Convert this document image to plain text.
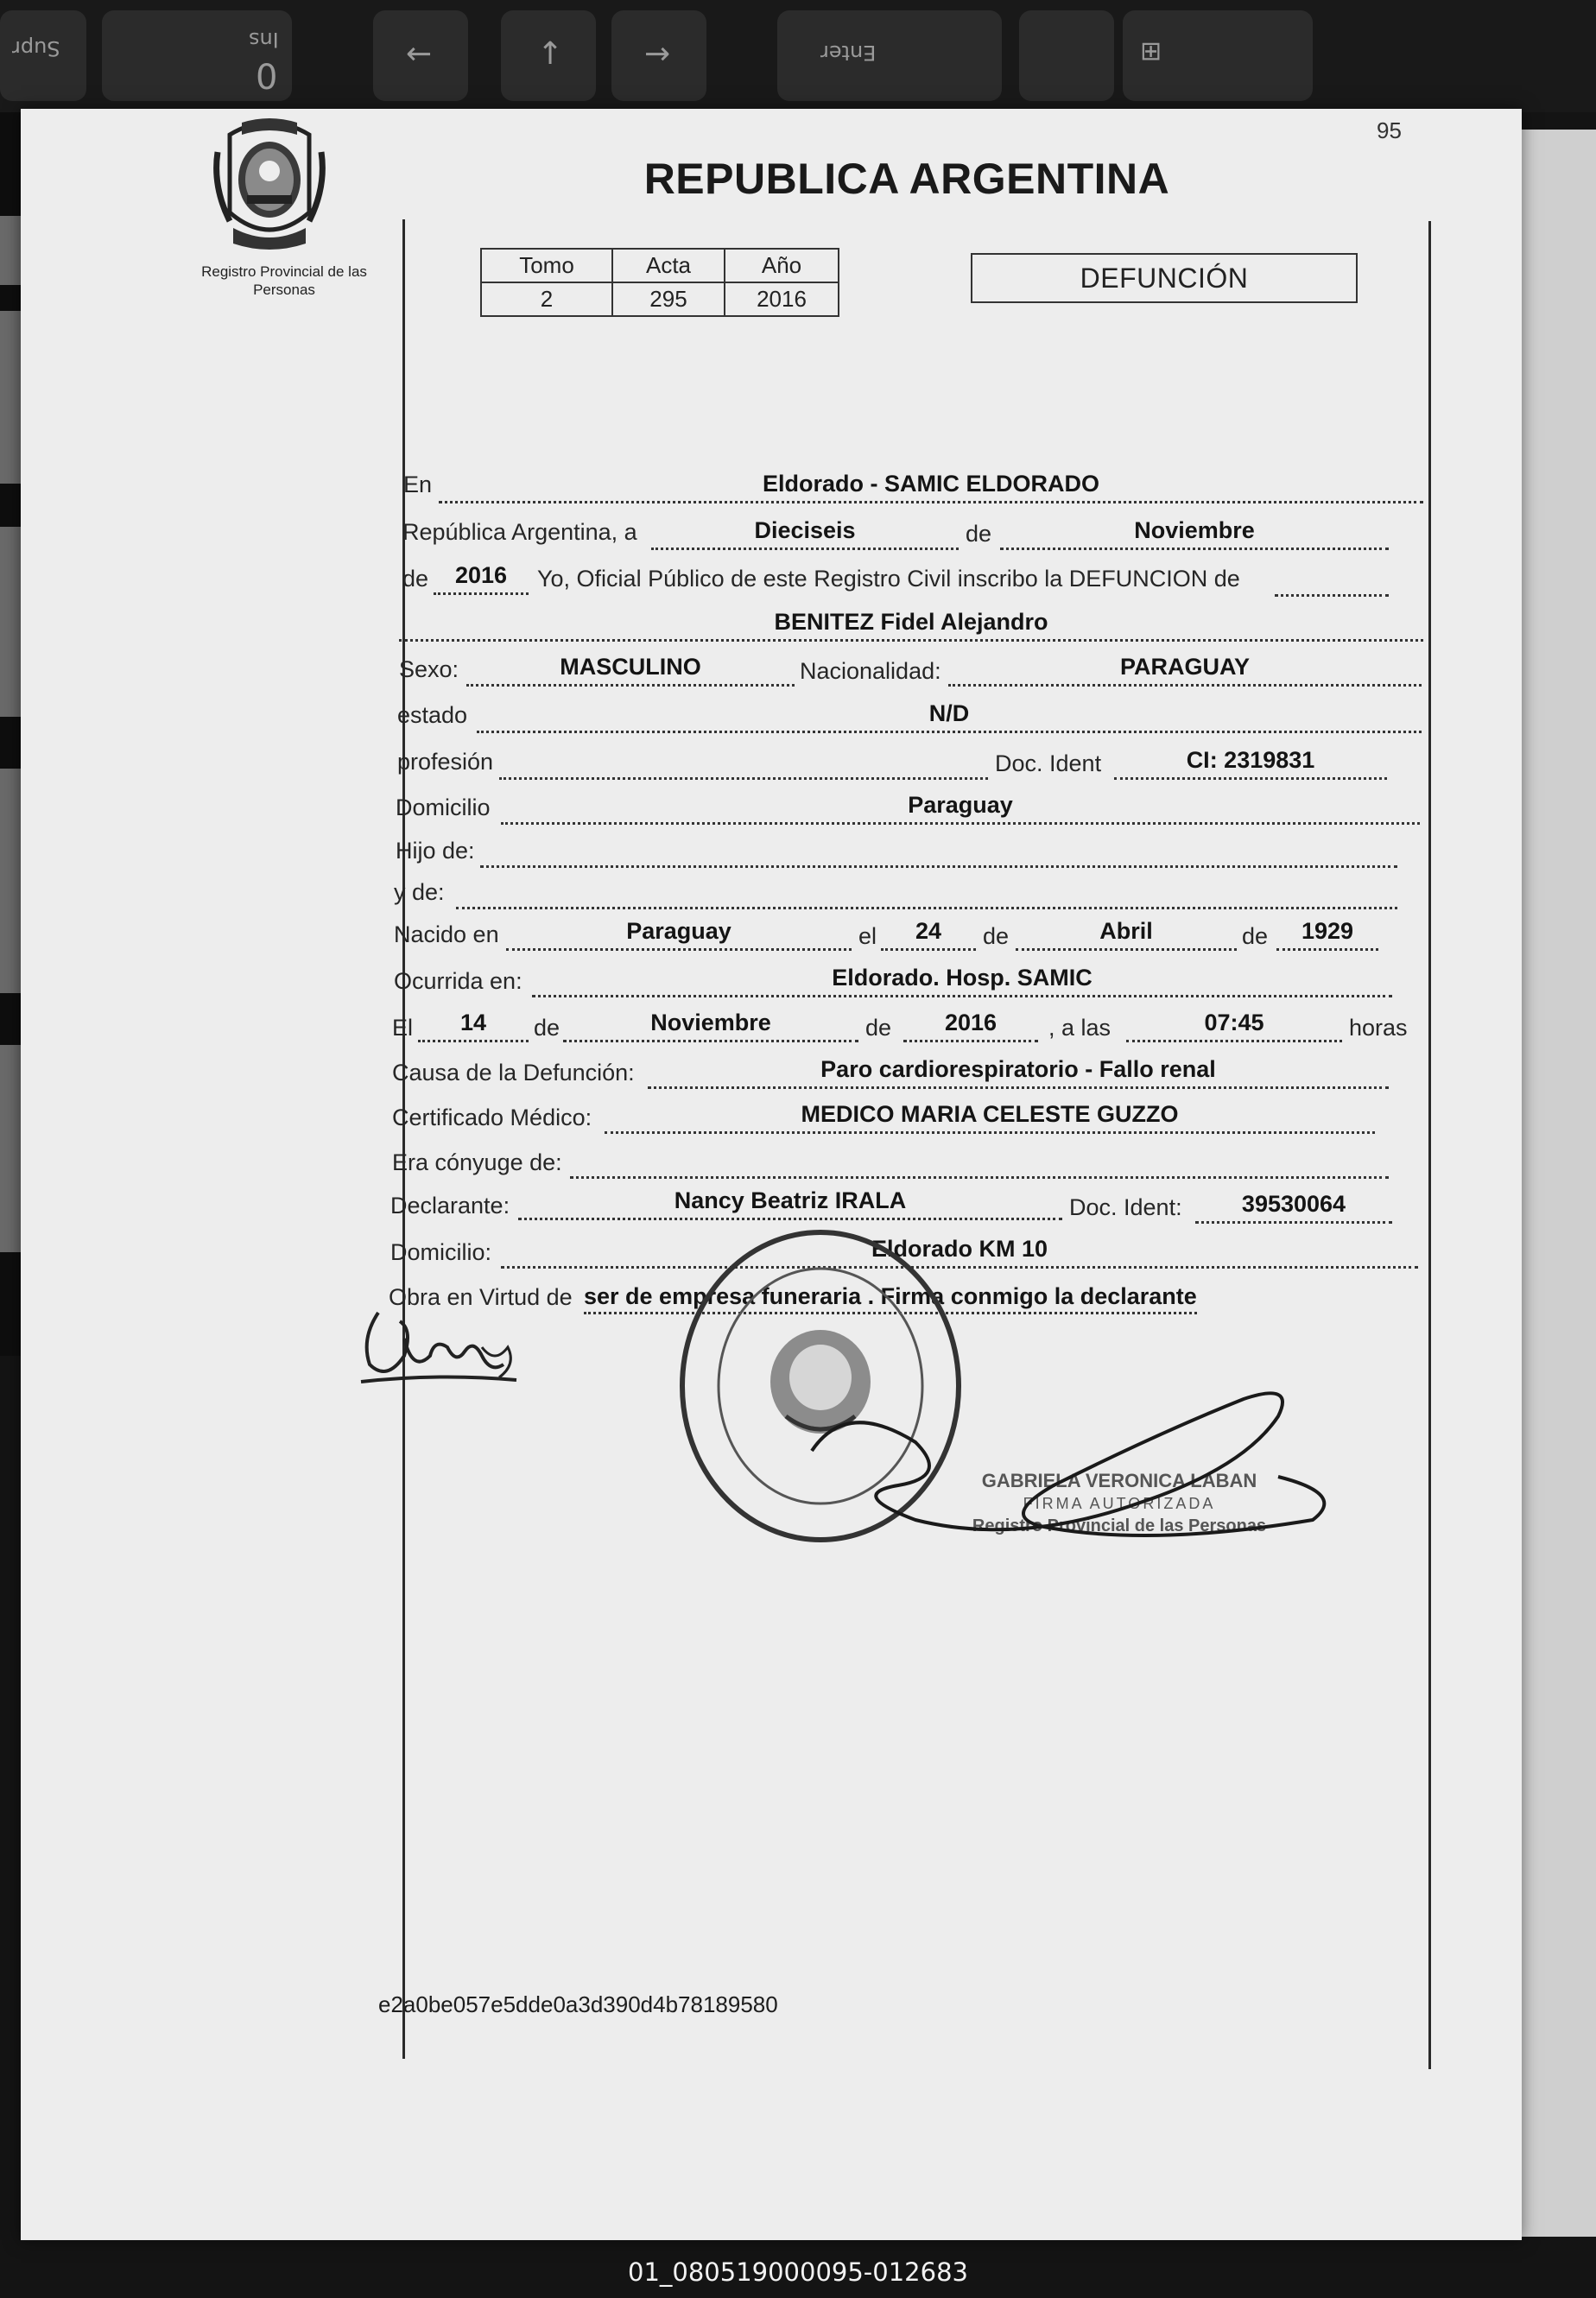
Supr	Ins
0
←	↑	→	Enter	⊞
95
Registro Provincial de las Personas
REPUBLICA ARGENTINA
Tomo	Acta	Año
2	295	2016
DEFUNCIÓN
En	Eldorado - SAMIC ELDORADO
República Argentina, a	Dieciseis	de	Noviembre
de	2016	Yo, Oficial Público de este Registro Civil inscribo la DEFUNCION de
BENITEZ Fidel Alejandro
Sexo:	MASCULINO	Nacionalidad:	PARAGUAY
estado	N/D
profesión	Doc. Ident	CI: 2319831
Domicilio	Paraguay
Hijo de:
y de:
Nacido en	Paraguay	el	24	de	Abril	de	1929
Ocurrida en:	Eldorado. Hosp. SAMIC
El	14	de	Noviembre	de	2016	, a las	07:45	horas
Causa de la Defunción:	Paro cardiorespiratorio - Fallo renal
Certificado Médico:	MEDICO MARIA CELESTE GUZZO
Era cónyuge de:
Declarante:	Nancy Beatriz IRALA	Doc. Ident:	39530064
Domicilio:	Eldorado KM 10
Obra en Virtud de ser de empresa funeraria . Firma conmigo la declarante
GABRIELA VERONICA LABAN
FIRMA AUTORIZADA
Registro Provincial de las Personas
e2a0be057e5dde0a3d390d4b78189580
01_080519000095-012683
